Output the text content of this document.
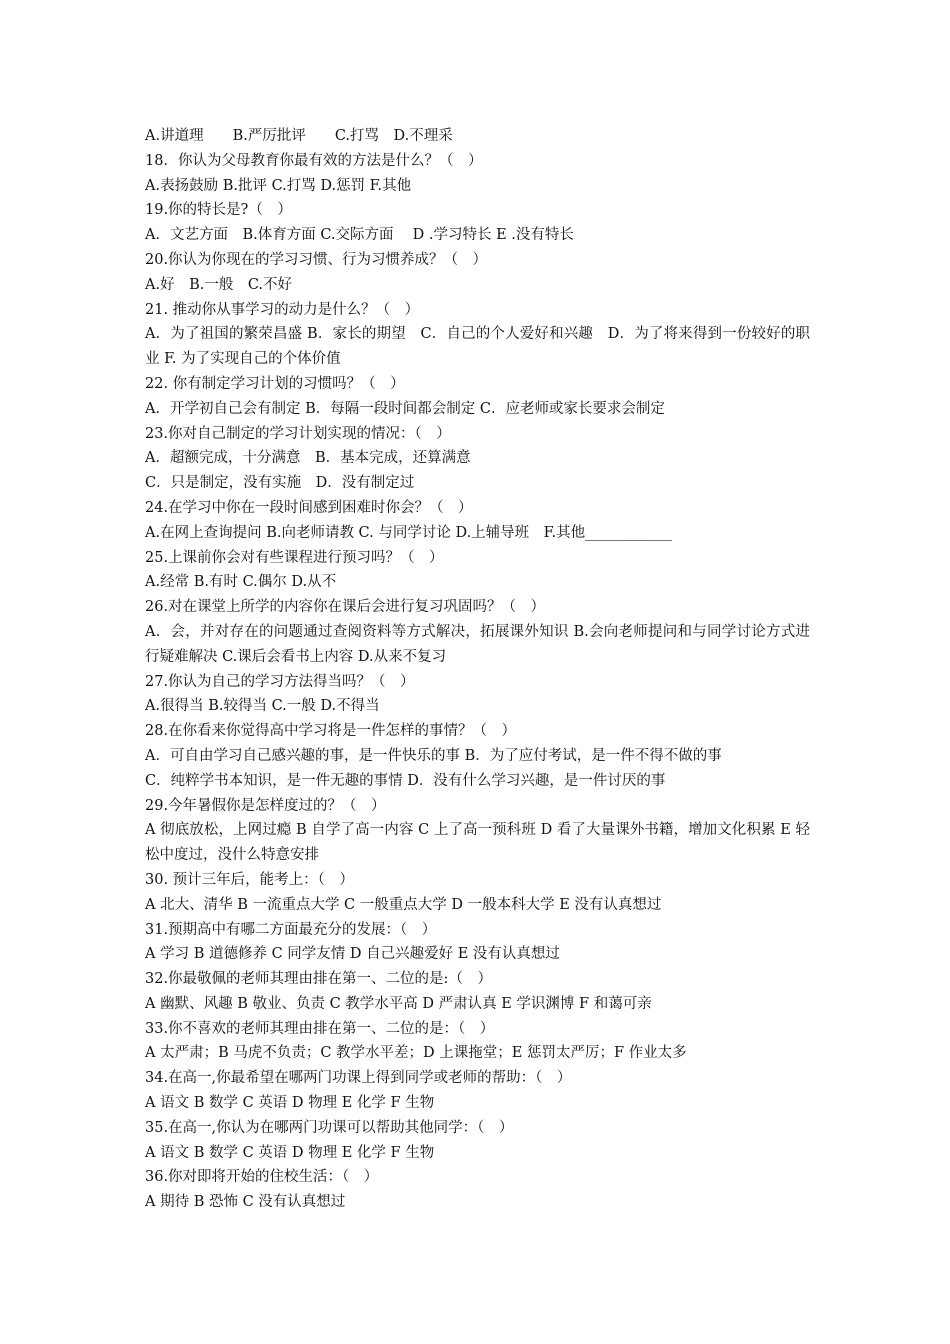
A.讲道理　　B.严厉批评　　C.打骂　D.不理采
18．你认为父母教育你最有效的方法是什么？（　）
A.表扬鼓励 B.批评 C.打骂 D.惩罚 F.其他
19.你的特长是?（　）
A．文艺方面　B.体育方面 C.交际方面　 D .学习特长 E .没有特长
20.你认为你现在的学习习惯、行为习惯养成？（　）
A.好　B.一般　C.不好
21. 推动你从事学习的动力是什么？（　）
A．为了祖国的繁荣昌盛 B．家长的期望　C．自己的个人爱好和兴趣　D．为了将来得到一份较好的职业 F. 为了实现自己的个体价值
22. 你有制定学习计划的习惯吗？（　）
A．开学初自己会有制定 B．每隔一段时间都会制定 C．应老师或家长要求会制定
23.你对自己制定的学习计划实现的情况：（　）
A．超额完成，十分满意　B．基本完成，还算满意
C．只是制定，没有实施　D．没有制定过
24.在学习中你在一段时间感到困难时你会？（　）
A.在网上查询提问 B.向老师请教 C. 与同学讨论 D.上辅导班　F.其他____________
25.上课前你会对有些课程进行预习吗？（　）
A.经常 B.有时 C.偶尔 D.从不
26.对在课堂上所学的内容你在课后会进行复习巩固吗？（　）
A．会，并对存在的问题通过查阅资料等方式解决，拓展课外知识 B.会向老师提问和与同学讨论方式进行疑难解决 C.课后会看书上内容 D.从来不复习
27.你认为自己的学习方法得当吗？（　）
A.很得当 B.较得当 C.一般 D.不得当
28.在你看来你觉得高中学习将是一件怎样的事情？（　）
A．可自由学习自己感兴趣的事，是一件快乐的事 B．为了应付考试，是一件不得不做的事
C．纯粹学书本知识，是一件无趣的事情 D．没有什么学习兴趣，是一件讨厌的事
29.今年暑假你是怎样度过的？（　）
A 彻底放松，上网过瘾 B 自学了高一内容 C 上了高一预科班 D 看了大量课外书籍，增加文化积累 E 轻松中度过，没什么特意安排
30. 预计三年后，能考上：（　）
A 北大、清华 B 一流重点大学 C 一般重点大学 D 一般本科大学 E 没有认真想过
31.预期高中有哪二方面最充分的发展：（　）
A 学习 B 道德修养 C 同学友情 D 自己兴趣爱好 E 没有认真想过
32.你最敬佩的老师其理由排在第一、二位的是:（　）
A 幽默、风趣 B 敬业、负责 C 教学水平高 D 严肃认真 E 学识渊博 F 和蔼可亲
33.你不喜欢的老师其理由排在第一、二位的是：（　）
A 太严肃；B 马虎不负责；C 教学水平差；D 上课拖堂；E 惩罚太严厉；F 作业太多
34.在高一,你最希望在哪两门功课上得到同学或老师的帮助：（　）
A 语文 B 数学 C 英语 D 物理 E 化学 F 生物
35.在高一,你认为在哪两门功课可以帮助其他同学：（　）
A 语文 B 数学 C 英语 D 物理 E 化学 F 生物
36.你对即将开始的住校生活：（　）
A 期待 B 恐怖 C 没有认真想过
